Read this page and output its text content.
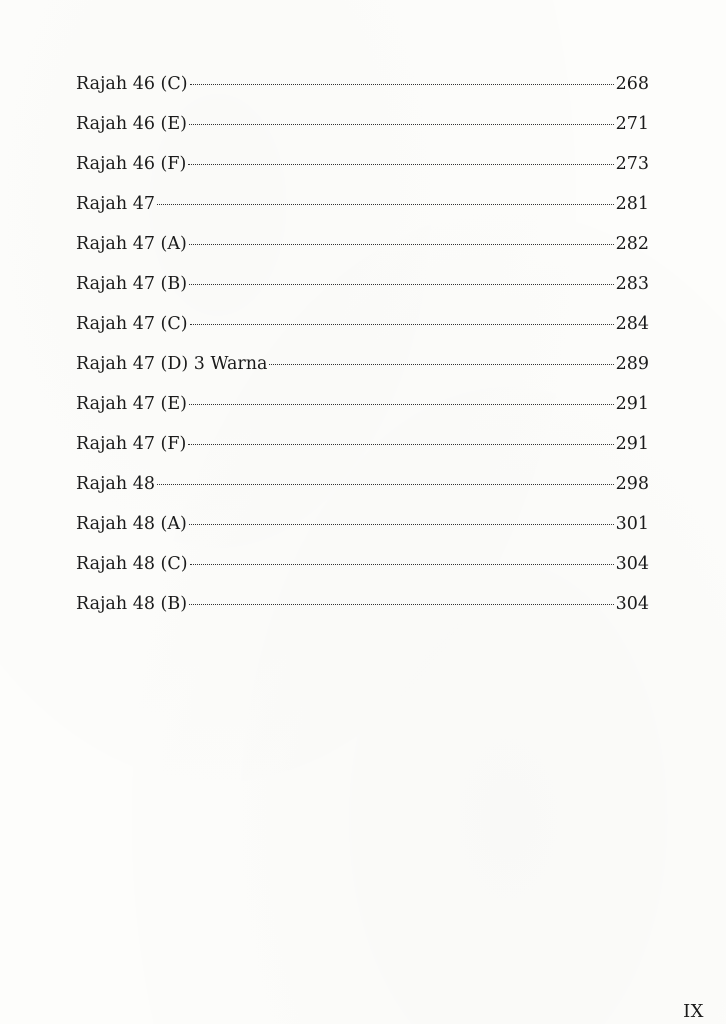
Rajah 46 (C)	268
Rajah 46 (E)	271
Rajah 46 (F)	273
Rajah 47	281
Rajah 47 (A)	282
Rajah 47 (B)	283
Rajah 47 (C)	284
Rajah 47 (D) 3 Warna	289
Rajah 47 (E)	291
Rajah 47 (F)	291
Rajah 48	298
Rajah 48 (A)	301
Rajah 48 (C)	304
Rajah 48 (B)	304
IX
